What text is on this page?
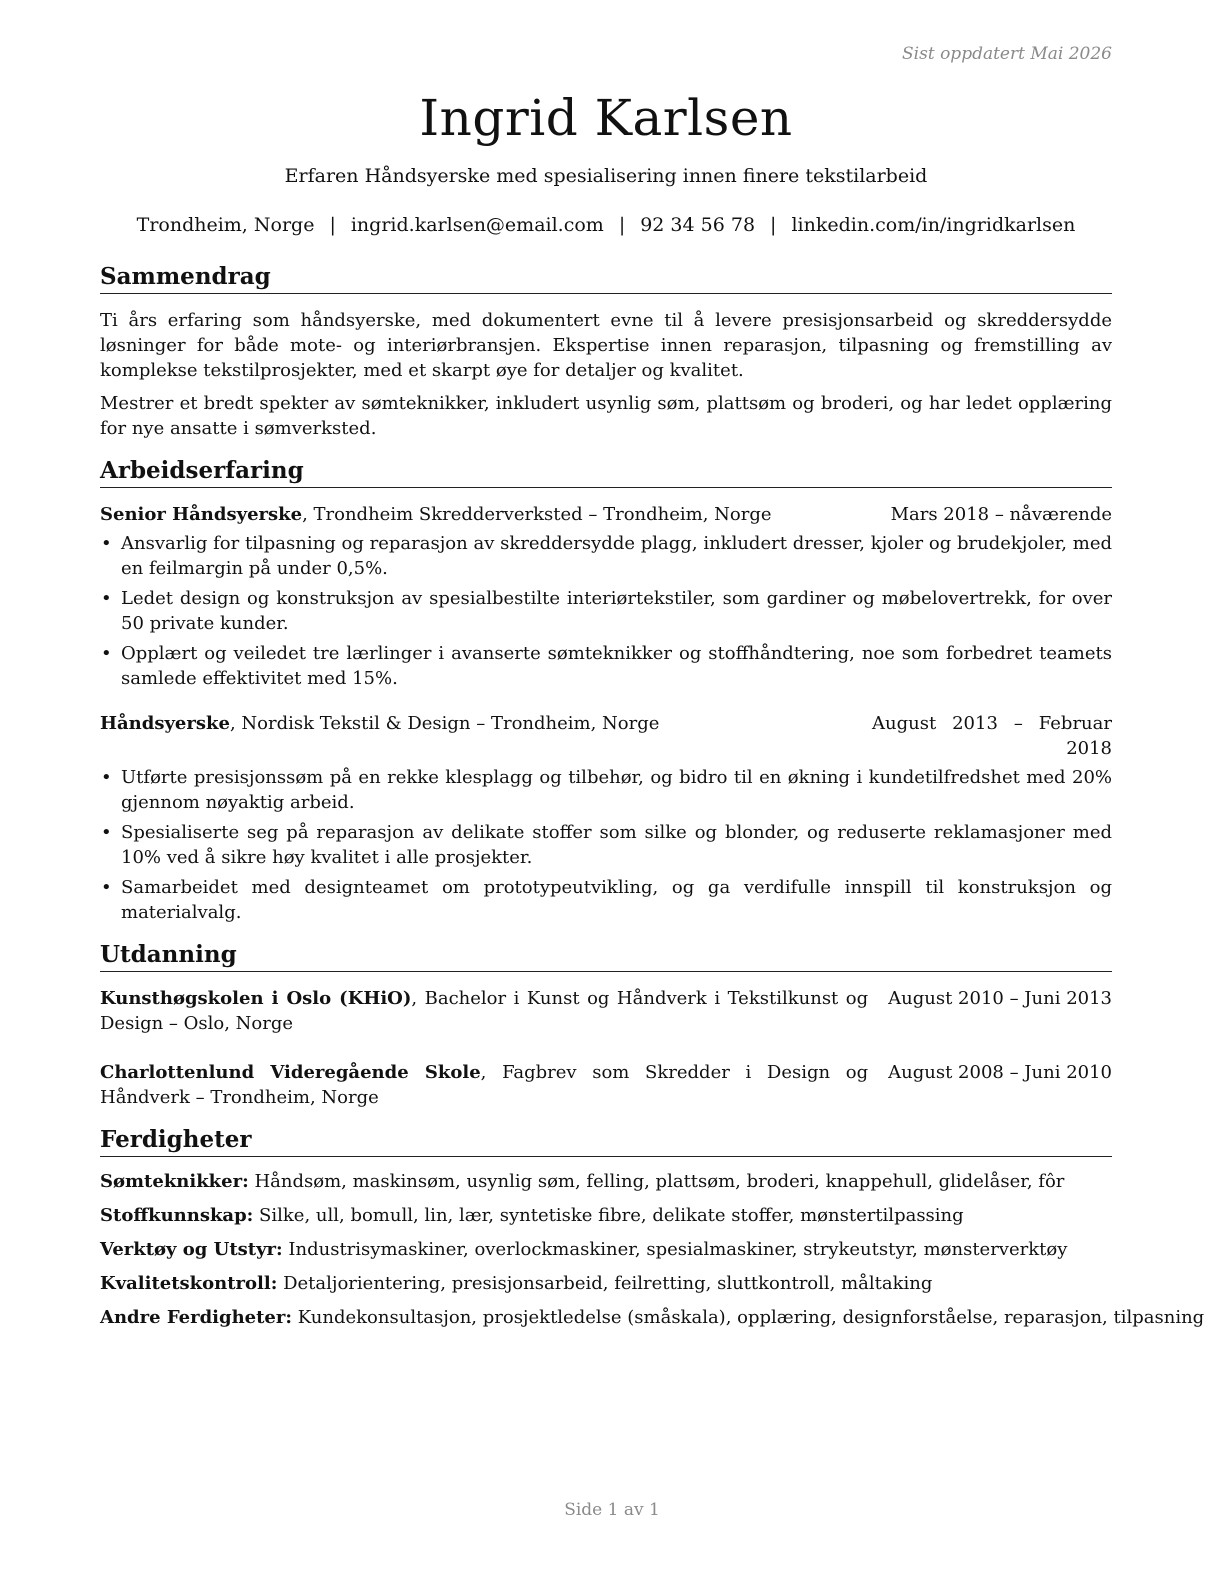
Sist oppdatert Mai 2026
Ingrid Karlsen
Erfaren Håndsyerske med spesialisering innen finere tekstilarbeid
Trondheim, Norge | ingrid.karlsen@email.com | 92 34 56 78 | linkedin.com/in/ingridkarlsen
Sammendrag

Ti års erfaring som håndsyerske, med dokumentert evne til å levere presisjonsarbeid og skreddersydde løsninger for både mote- og interiørbransjen. Ekspertise innen reparasjon, tilpasning og fremstilling av komplekse tekstilprosjekter, med et skarpt øye for detaljer og kvalitet.

Mestrer et bredt spekter av sømteknikker, inkludert usynlig søm, plattsøm og broderi, og har ledet opplæring for nye ansatte i sømverksted.

Arbeidserfaring
Senior Håndsyerske, Trondheim Skredderverksted – Trondheim, Norge	Mars 2018 – nåværende
• Ansvarlig for tilpasning og reparasjon av skreddersydde plagg, inkludert dresser, kjoler og brudekjoler, med en feilmargin på under 0,5%.
• Ledet design og konstruksjon av spesialbestilte interiørtekstiler, som gardiner og møbelovertrekk, for over 50 private kunder.
• Opplært og veiledet tre lærlinger i avanserte sømteknikker og stoffhåndtering, noe som forbedret teamets samlede effektivitet med 15%.
Håndsyerske, Nordisk Tekstil & Design – Trondheim, Norge	August 2013 – Februar 2018
• Utførte presisjonssøm på en rekke klesplagg og tilbehør, og bidro til en økning i kundetilfredshet med 20% gjennom nøyaktig arbeid.
• Spesialiserte seg på reparasjon av delikate stoffer som silke og blonder, og reduserte reklamasjoner med 10% ved å sikre høy kvalitet i alle prosjekter.
• Samarbeidet med designteamet om prototypeutvikling, og ga verdifulle innspill til konstruksjon og materialvalg.
Utdanning
Kunsthøgskolen i Oslo (KHiO), Bachelor i Kunst og Håndverk i Tekstilkunst og Design – Oslo, Norge
August 2010 – Juni 2013
Charlottenlund Videregående Skole, Fagbrev som Skredder i Design og Håndverk – Trondheim, Norge
August 2008 – Juni 2010
Ferdigheter
Sømteknikker: Håndsøm, maskinsøm, usynlig søm, felling, plattsøm, broderi, knappehull, glidelåser, fôr
Stoffkunnskap: Silke, ull, bomull, lin, lær, syntetiske fibre, delikate stoffer, mønstertilpassing
Verktøy og Utstyr: Industrisymaskiner, overlockmaskiner, spesialmaskiner, strykeutstyr, mønsterverktøy
Kvalitetskontroll: Detaljorientering, presisjonsarbeid, feilretting, sluttkontroll, måltaking
Andre Ferdigheter: Kundekonsultasjon, prosjektledelse (småskala), opplæring, designforståelse, reparasjon, tilpasning
Side 1 av 1
